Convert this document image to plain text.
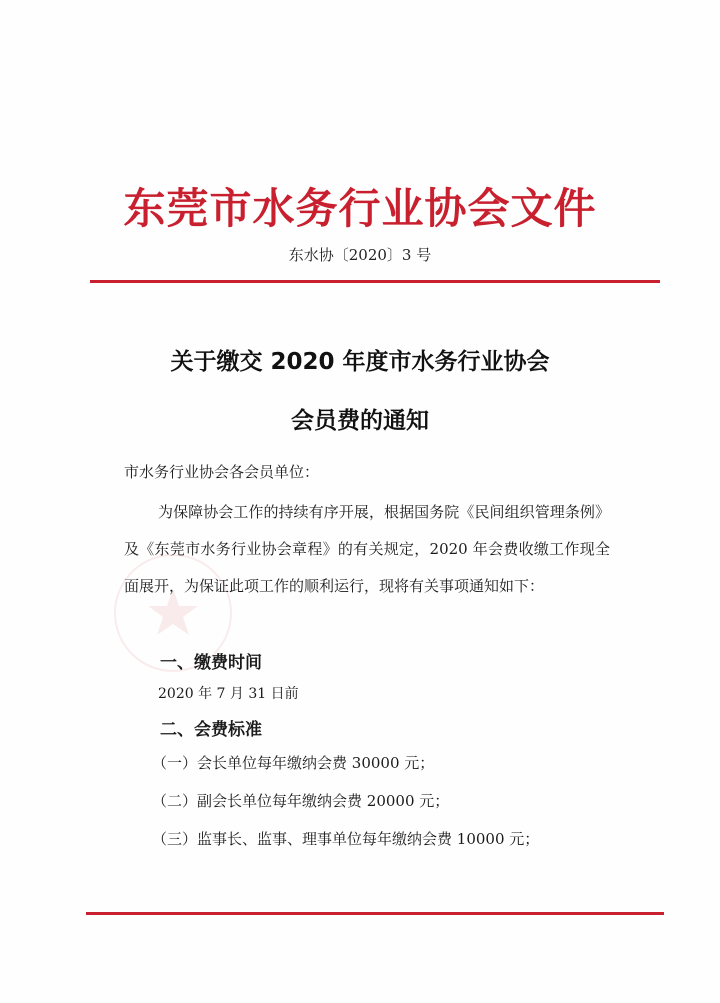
东莞市水务行业协会文件
东水协〔2020〕3 号
关于缴交 2020 年度市水务行业协会
会员费的通知
市水务行业协会各会员单位：
为保障协会工作的持续有序开展，根据国务院《民间组织管理条例》及《东莞市水务行业协会章程》的有关规定，2020 年会费收缴工作现全面展开，为保证此项工作的顺利运行，现将有关事项通知如下：
一、缴费时间
2020 年 7 月 31 日前
二、会费标准
（一）会长单位每年缴纳会费 30000 元；
（二）副会长单位每年缴纳会费 20000 元；
（三）监事长、监事、理事单位每年缴纳会费 10000 元；
